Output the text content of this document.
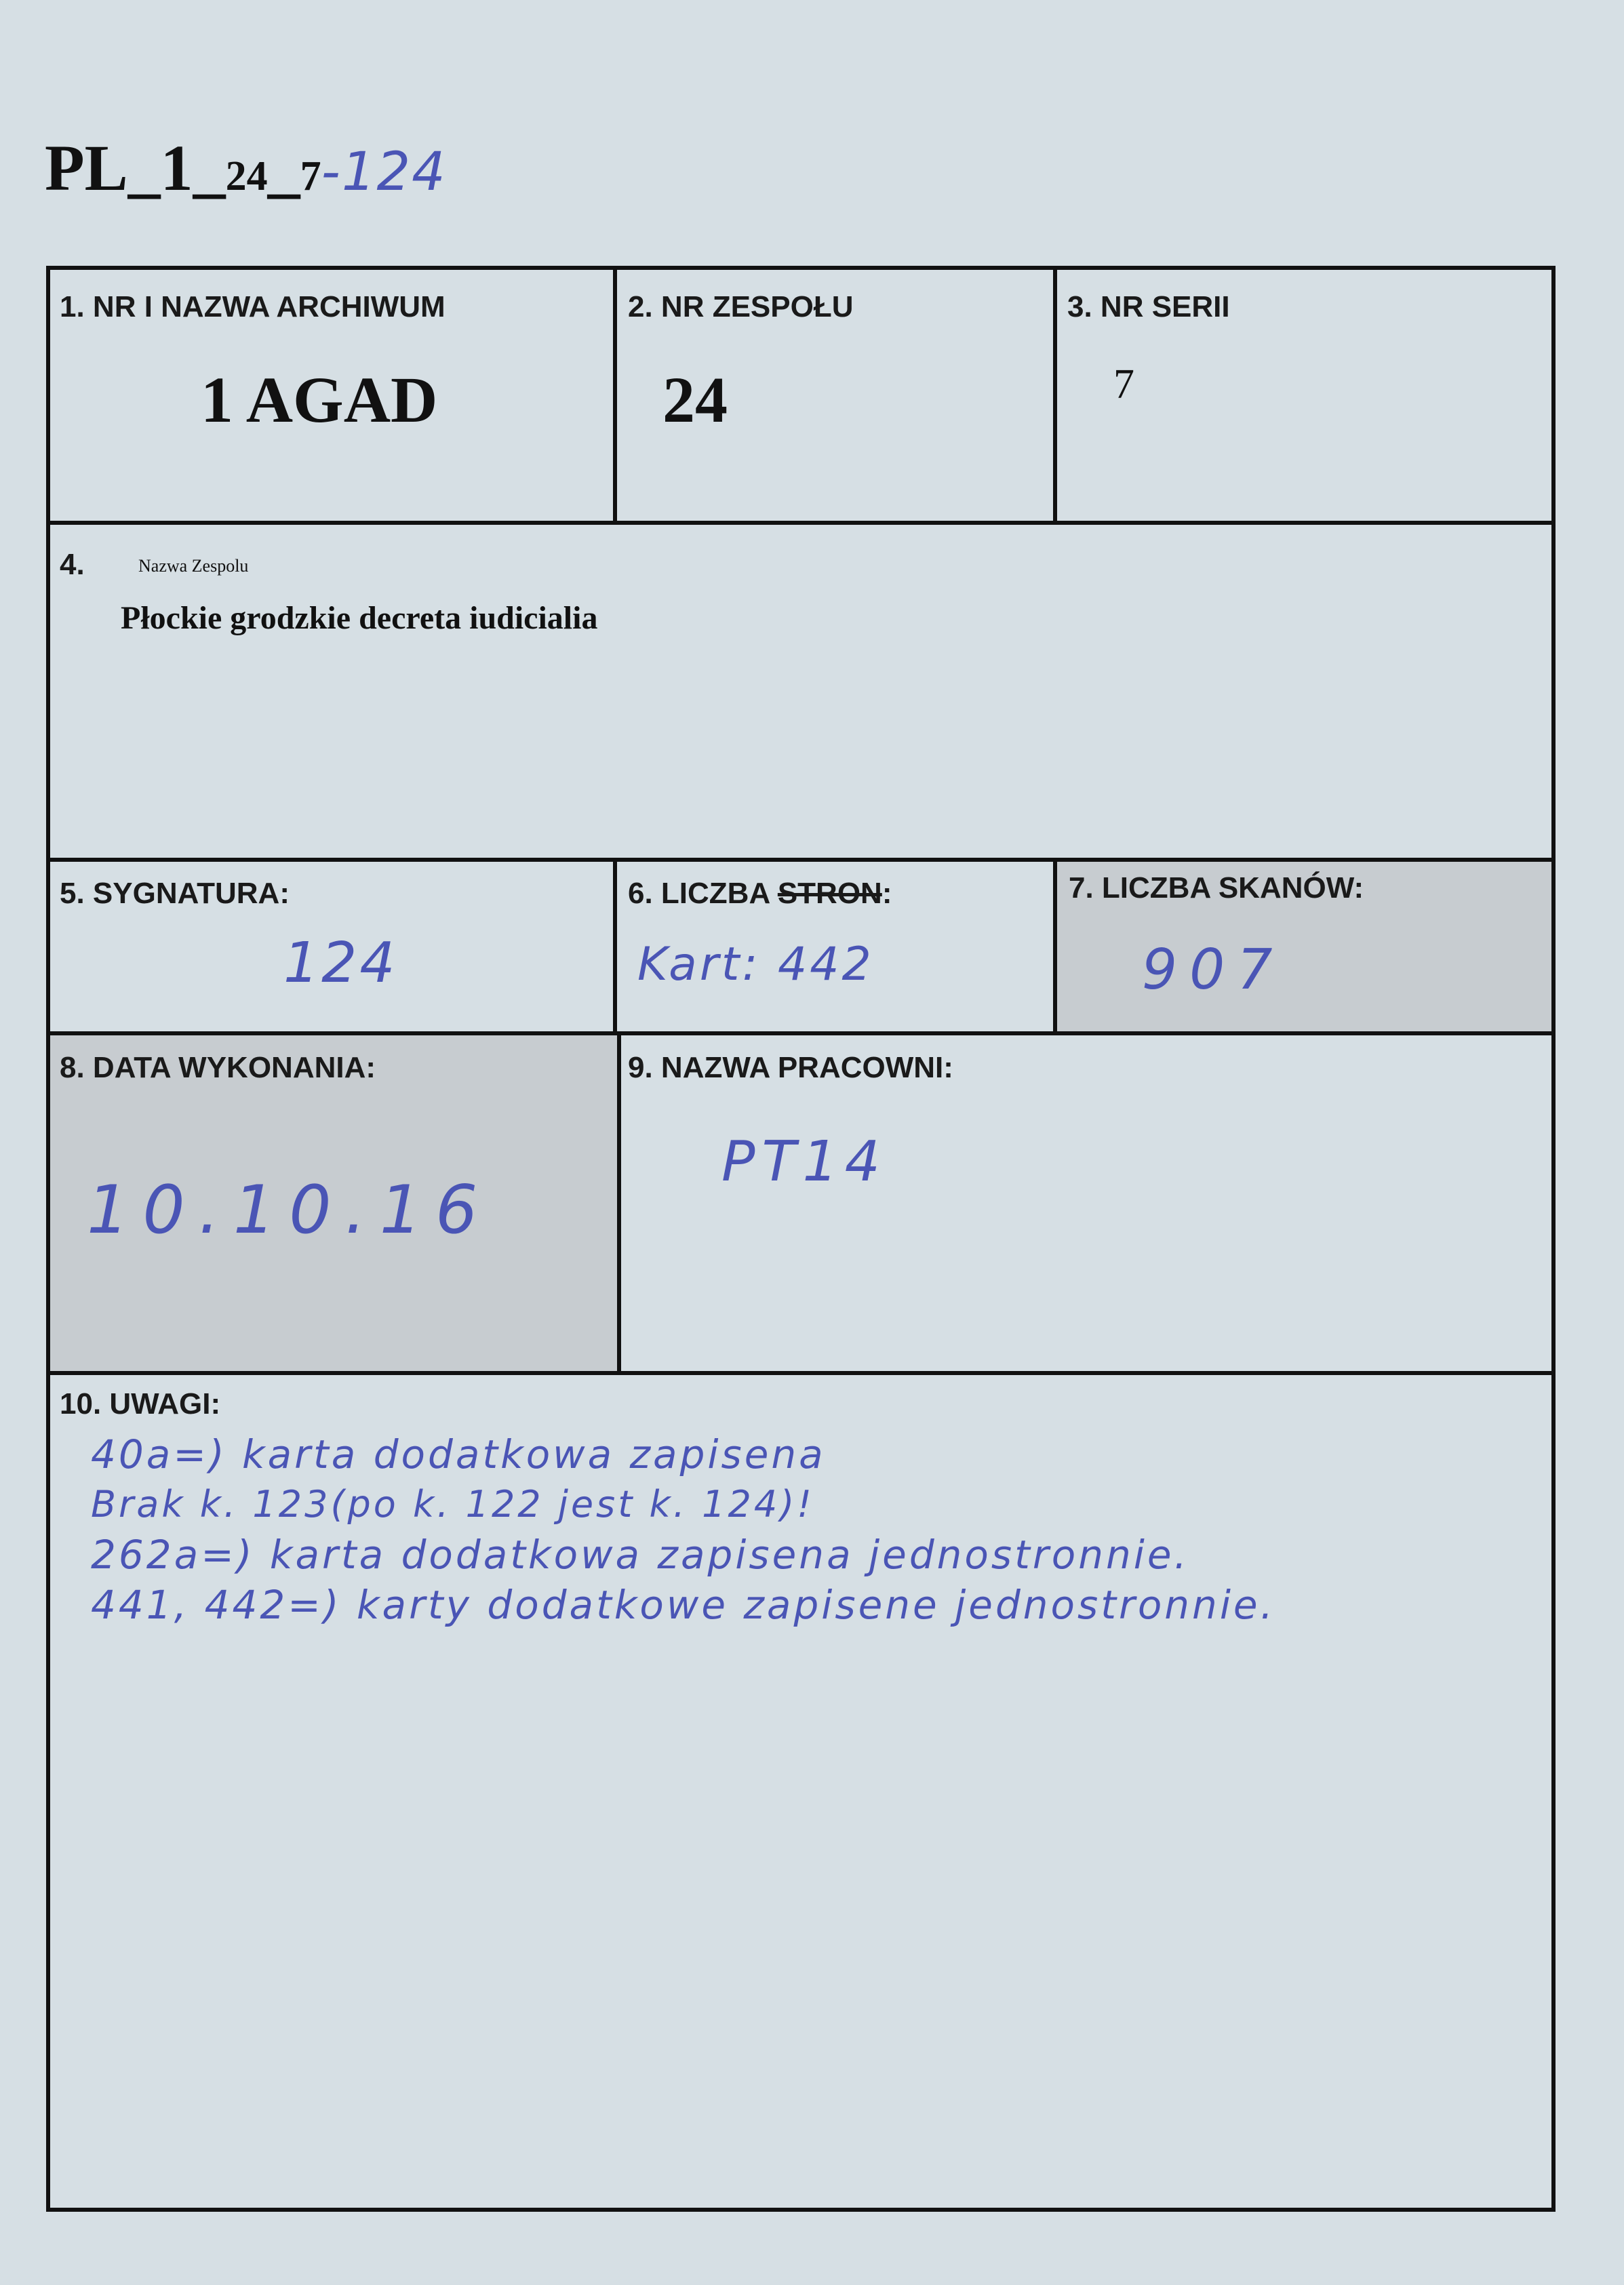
PL_1_24_7-124
1. NR I NAZWA ARCHIWUM
1 AGAD
2. NR ZESPOŁU
24
3. NR SERII
7
4.	Nazwa Zespolu
Płockie grodzkie decreta iudicialia
5. SYGNATURA:
124
6. LICZBA STRON:
Kart: 442
7. LICZBA SKANÓW:
907
8. DATA WYKONANIA:
10.10.16
9. NAZWA PRACOWNI:
PT14
10. UWAGI:
40a=) karta dodatkowa zapisena
Brak k. 123(po k. 122 jest k. 124)!
262a=) karta dodatkowa zapisena jednostronnie.
441, 442=) karty dodatkowe zapisene jednostronnie.
